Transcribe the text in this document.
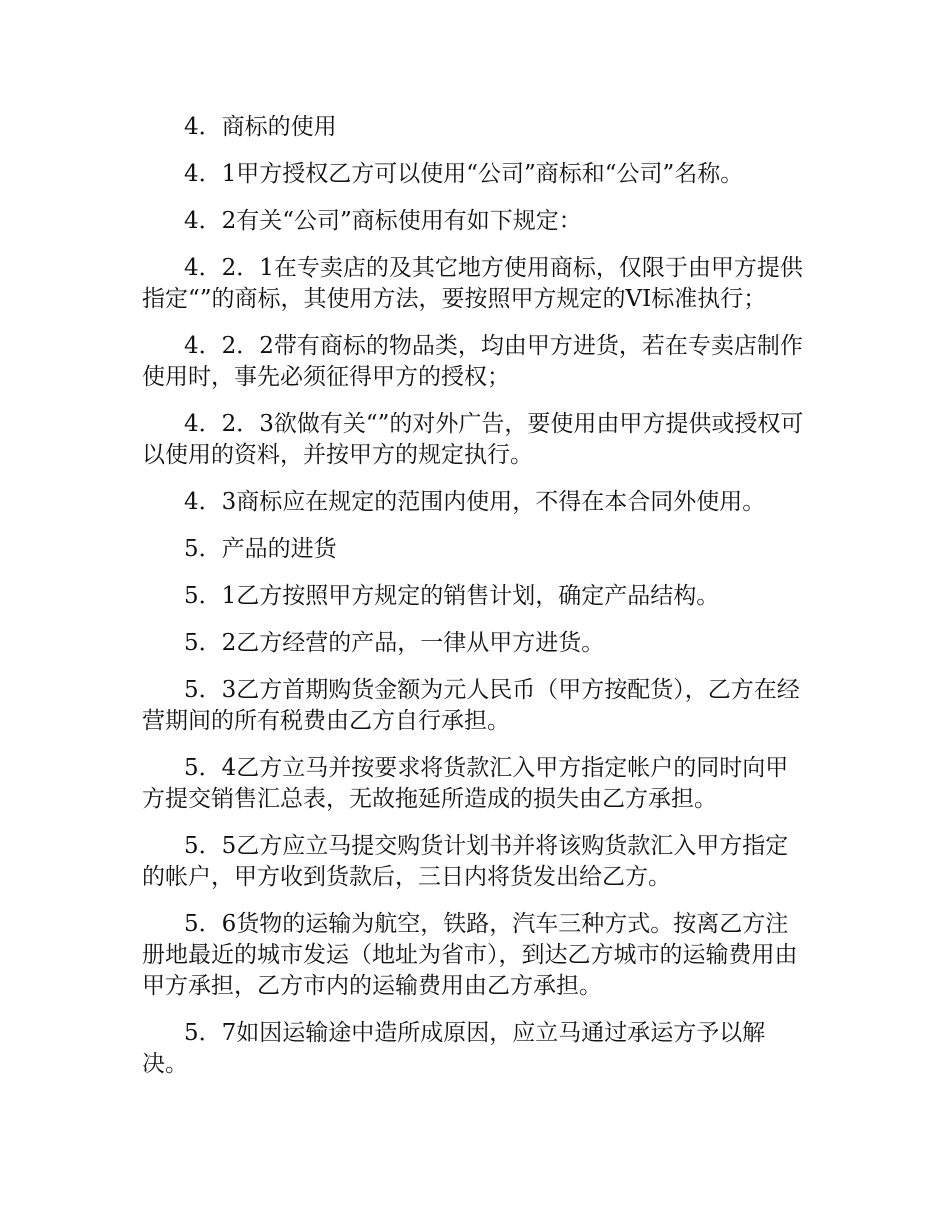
4．商标的使用

4．1甲方授权乙方可以使用“公司”商标和“公司”名称。

4．2有关“公司”商标使用有如下规定：

4．2．1在专卖店的及其它地方使用商标，仅限于由甲方提供指定“”的商标，其使用方法，要按照甲方规定的VI标准执行；

4．2．2带有商标的物品类，均由甲方进货，若在专卖店制作使用时，事先必须征得甲方的授权；

4．2．3欲做有关“”的对外广告，要使用由甲方提供或授权可以使用的资料，并按甲方的规定执行。

4．3商标应在规定的范围内使用，不得在本合同外使用。

5．产品的进货

5．1乙方按照甲方规定的销售计划，确定产品结构。

5．2乙方经营的产品，一律从甲方进货。

5．3乙方首期购货金额为元人民币（甲方按配货），乙方在经营期间的所有税费由乙方自行承担。

5．4乙方立马并按要求将货款汇入甲方指定帐户的同时向甲方提交销售汇总表，无故拖延所造成的损失由乙方承担。

5．5乙方应立马提交购货计划书并将该购货款汇入甲方指定的帐户，甲方收到货款后，三日内将货发出给乙方。

5．6货物的运输为航空，铁路，汽车三种方式。按离乙方注册地最近的城市发运（地址为省市），到达乙方城市的运输费用由甲方承担，乙方市内的运输费用由乙方承担。

5．7如因运输途中造所成原因，应立马通过承运方予以解决。
